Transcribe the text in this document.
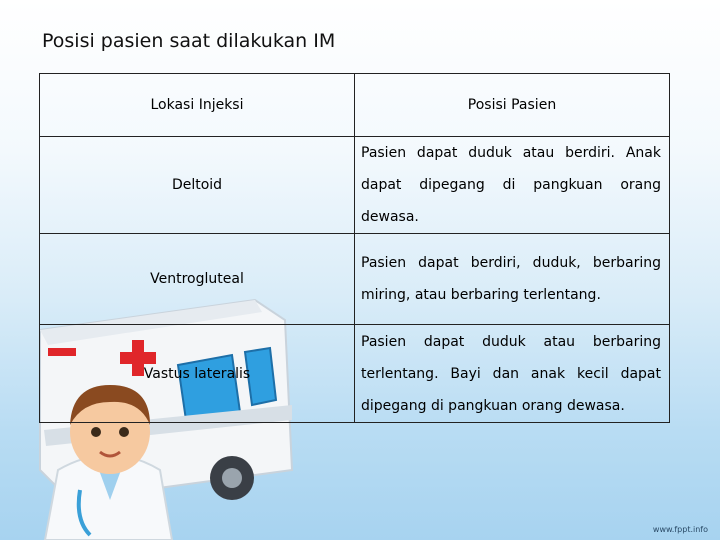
Posisi pasien saat dilakukan IM
Lokasi Injeksi	Posisi Pasien
Deltoid	Pasien dapat duduk atau berdiri. Anak dapat dipegang di pangkuan orang dewasa.
Ventrogluteal	Pasien dapat berdiri, duduk, berbaring miring, atau berbaring terlentang.
Vastus lateralis	Pasien dapat duduk atau berbaring terlentang. Bayi dan anak kecil dapat dipegang di pangkuan orang dewasa.
www.fppt.info
